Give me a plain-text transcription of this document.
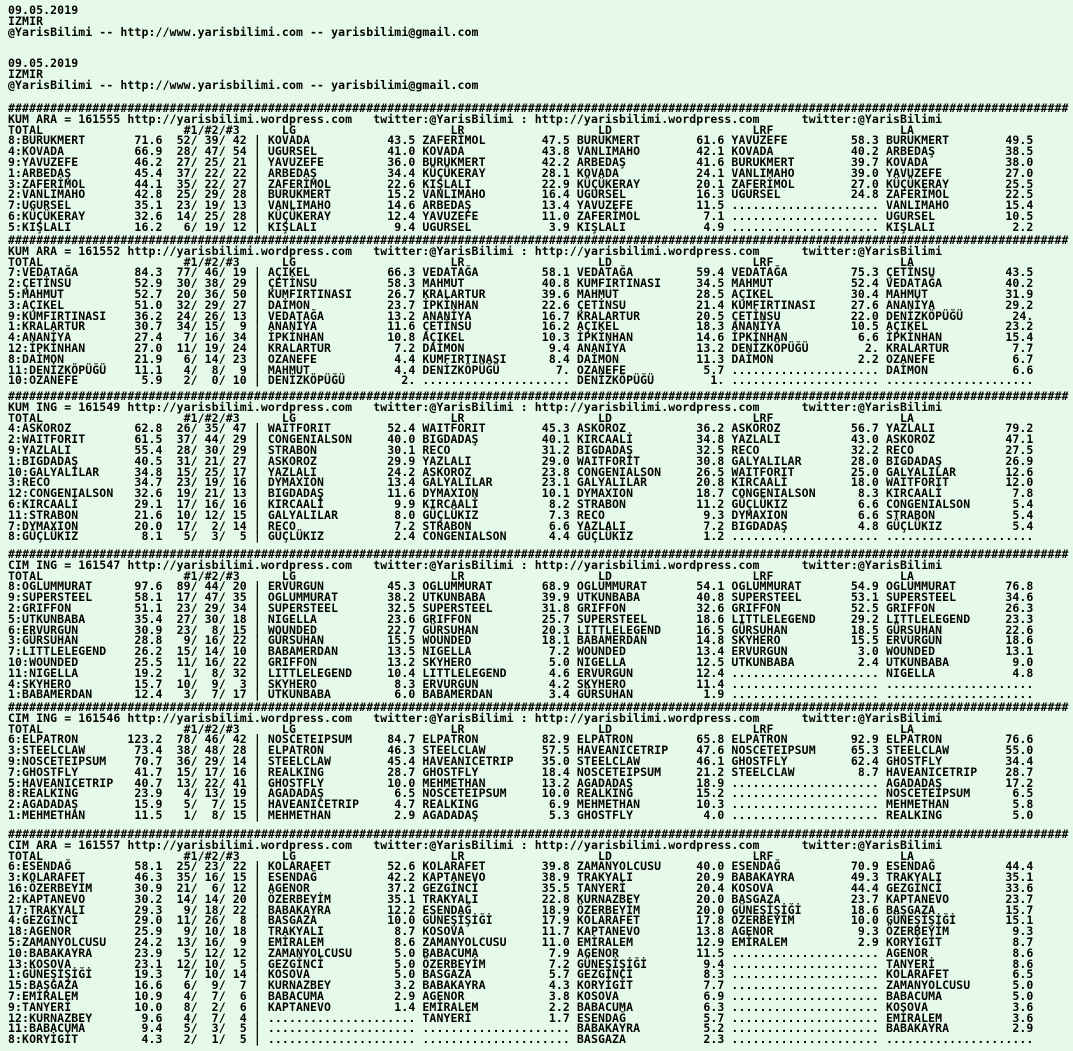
09.05.2019
IZMIR
@YarisBilimi -- http://www.yarisbilimi.com -- yarisbilimi@gmail.com
09.05.2019
IZMIR
@YarisBilimi -- http://www.yarisbilimi.com -- yarisbilimi@gmail.com
#######################################################################################################################################################
KUM ARA = 161555 http://yarisbilimi.wordpress.com   twitter:@YarisBilimi : http://yarisbilimi.wordpress.com      twitter:@YarisBilimi
TOTAL                    #1/#2/#3      LG                      LR                   LD                    LRF                  LA
8:BURUKMERT       71.6  52/ 39/ 42 | KOVADA           43.5 ZAFERİMOL        47.5 BURUKMERT        61.6 YAVUZEFE         58.3 BURUKMERT        49.5
4:KOVADA          66.9  28/ 47/ 54 | UGURSEL          41.0 KOVADA           43.8 VANLIMAHO        42.1 KOVADA           40.2 ARBEDAŞ          38.5
9:YAVUZEFE        46.2  27/ 25/ 21 | YAVUZEFE         36.0 BURUKMERT        42.2 ARBEDAŞ          41.6 BURUKMERT        39.7 KOVADA           38.0
1:ARBEDAŞ         45.4  37/ 22/ 22 | ARBEDAŞ          34.4 KÜÇÜKERAY        28.1 KOVADA           24.1 VANLIMAHO        39.0 YAVUZEFE         27.0
3:ZAFERİMOL       44.1  35/ 22/ 27 | ZAFERİMOL        22.6 KIŞLALI          22.9 KÜÇÜKERAY        20.1 ZAFERİMOL        27.0 KÜÇÜKERAY        25.5
2:VANLIMAHO       42.8  25/ 29/ 28 | BURUKMERT        15.2 VANLIMAHO        16.4 UGURSEL          16.3 UGURSEL          24.8 ZAFERİMOL        22.5
7:UGURSEL         35.1  23/ 19/ 13 | VANLIMAHO        14.6 ARBEDAŞ          13.4 YAVUZEFE         11.5 ..................... VANLIMAHO        15.4
6:KÜÇÜKERAY       32.6  14/ 25/ 28 | KÜÇÜKERAY        12.4 YAVUZEFE         11.0 ZAFERİMOL         7.1 ..................... UGURSEL          10.5
5:KIŞLALI         16.2   6/ 19/ 12 | KIŞLALI           9.4 UGURSEL           3.9 KIŞLALI           4.9 ..................... KIŞLALI           2.2
#######################################################################################################################################################
KUM ARA = 161552 http://yarisbilimi.wordpress.com   twitter:@YarisBilimi : http://yarisbilimi.wordpress.com      twitter:@YarisBilimi
TOTAL                    #1/#2/#3      LG                      LR                   LD                    LRF                  LA
7:VEDATAĞA        84.3  77/ 46/ 19 | AÇIKEL           66.3 VEDATAĞA         58.1 VEDATAĞA         59.4 VEDATAĞA         75.3 ÇETİNSU          43.5
2:ÇETİNSU         52.9  30/ 38/ 29 | ÇETİNSU          58.3 MAHMUT           40.8 KUMFIRTINASI     34.5 MAHMUT           52.4 VEDATAĞA         40.2
5:MAHMUT          52.7  20/ 36/ 50 | KUMFIRTINASI     26.7 KRALARTUR        39.6 MAHMUT           28.5 AÇIKEL           30.4 MAHMUT           31.9
3:AÇIKEL          51.0  32/ 29/ 27 | DAİMON           23.7 İPKİNHAN         22.6 ÇETİNSU          21.4 KUMFIRTINASI     27.6 ANANİYA          29.2
9:KUMFIRTINASI    36.2  24/ 26/ 13 | VEDATAĞA         13.2 ANANİYA          16.7 KRALARTUR        20.5 ÇETİNSU          22.0 DENİZKÖPÜĞÜ       24.
1:KRALARTUR       30.7  34/ 15/  9 | ANANİYA          11.6 ÇETİNSU          16.2 AÇIKEL           18.3 ANANİYA          10.5 AÇIKEL           23.2
4:ANANİYA         27.4   7/ 16/ 34 | İPKİNHAN         10.8 AÇIKEL           10.3 İPKİNHAN         14.6 İPKİNHAN          6.6 İPKİNHAN         15.4
12:İPKİNHAN       27.0  11/ 19/ 24 | KRALARTUR         7.2 DAİMON            9.4 ANANİYA          13.2 DENİZKÖPÜĞÜ        2. KRALARTUR         7.7
8:DAİMON          21.9   6/ 14/ 23 | OZANEFE           4.4 KUMFIRTINASI      8.4 DAİMON           11.3 DAİMON            2.2 OZANEFE           6.7
11:DENİZKÖPÜĞÜ    11.1   4/  8/  9 | MAHMUT            4.4 DENİZKÖPÜĞÜ        7. OZANEFE           5.7 ..................... DAİMON            6.6
10:OZANEFE         5.9   2/  0/ 10 | DENİZKÖPÜĞÜ        2. ..................... DENİZKÖPÜĞÜ        1. ..................... .....................
#######################################################################################################################################################
KUM ING = 161549 http://yarisbilimi.wordpress.com   twitter:@YarisBilimi : http://yarisbilimi.wordpress.com      twitter:@YarisBilimi
TOTAL                    #1/#2/#3      LG                      LR                   LD                    LRF                  LA
4:ASKOROZ         62.8  26/ 35/ 47 | WAITFORIT        52.4 WAITFORIT        45.3 ASKOROZ          36.2 ASKOROZ          56.7 YAZLALI          79.2
2:WAITFORIT       61.5  37/ 44/ 29 | CONGENIALSON     40.0 BIGDADAŞ         40.1 KIRCAALİ         34.8 YAZLALI          43.0 ASKOROZ          47.1
9:YAZLALI         55.4  28/ 30/ 29 | STRABON          30.1 RECO             31.2 BIGDADAŞ         32.5 RECO             32.2 RECO             27.5
1:BIGDADAŞ        40.5  31/ 21/ 27 | ASKOROZ          29.9 YAZLALI          29.0 WAITFORIT        30.8 GALYALILAR       28.0 BIGDADAŞ         26.9
10:GALYALILAR     34.8  15/ 25/ 17 | YAZLALI          24.2 ASKOROZ          23.8 CONGENIALSON     26.5 WAITFORIT        25.0 GALYALILAR       12.6
3:RECO            34.7  23/ 19/ 16 | DYMAXION         13.4 GALYALILAR       23.1 GALYALILAR       20.8 KIRCAALİ         18.0 WAITFORIT        12.0
12:CONGENIALSON   32.6  19/ 21/ 13 | BIGDADAŞ         11.6 DYMAXION         10.1 DYMAXION         18.7 CONGENIALSON      8.3 KIRCAALİ          7.8
6:KIRCAALİ        29.1  17/ 16/ 16 | KIRCAALİ          9.9 KIRCAALİ          8.2 STRABON          11.2 GÜÇLÜKIZ          6.6 CONGENIALSON      5.4
11:STRABON        21.6  10/ 12/ 15 | GALYALILAR        8.0 GÜÇLÜKIZ          7.3 RECO              9.3 DYMAXION          6.6 STRABON           5.4
7:DYMAXION        20.0  17/  2/ 14 | RECO              7.2 STRABON           6.6 YAZLALI           7.2 BIGDADAŞ          4.8 GÜÇLÜKIZ          5.4
8:GÜÇLÜKIZ         8.1   5/  3/  5 | GÜÇLÜKIZ          2.4 CONGENIALSON      4.4 GÜÇLÜKIZ          1.2 ..................... .....................
#######################################################################################################################################################
CIM ING = 161547 http://yarisbilimi.wordpress.com   twitter:@YarisBilimi : http://yarisbilimi.wordpress.com      twitter:@YarisBilimi
TOTAL                    #1/#2/#3      LG                      LR                   LD                    LRF                  LA
8:OGLUMMURAT      97.6  89/ 44/ 20 | ERVURGUN         45.3 OGLUMMURAT       68.9 OGLUMMURAT       54.1 OGLUMMURAT       54.9 OGLUMMURAT       76.8
9:SUPERSTEEL      58.1  17/ 47/ 35 | OGLUMMURAT       38.2 UTKUNBABA        39.9 UTKUNBABA        40.8 SUPERSTEEL       53.1 SUPERSTEEL       34.6
2:GRIFFON         51.1  23/ 29/ 34 | SUPERSTEEL       32.5 SUPERSTEEL       31.8 GRIFFON          32.6 GRIFFON          52.5 GRIFFON          26.3
5:UTKUNBABA       35.4  27/ 30/ 18 | NIGELLA          23.6 GRIFFON          25.7 SUPERSTEEL       18.6 LITTLELEGEND     29.2 LITTLELEGEND     23.3
6:ERVURGUN        30.9  23/  8/ 15 | WOUNDED          22.7 GÜRSUHAN         20.3 LITTLELEGEND     16.5 GÜRSUHAN         18.5 GÜRSUHAN         22.6
3:GÜRSUHAN        28.8   9/ 16/ 22 | GÜRSUHAN         15.5 WOUNDED          18.1 BABAMERDAN       14.8 SKYHERO          15.5 ERVURGUN         18.6
7:LITTLELEGEND    26.2  15/ 14/ 10 | BABAMERDAN       13.5 NIGELLA           7.2 WOUNDED          13.4 ERVURGUN          3.0 WOUNDED          13.1
10:WOUNDED        25.5  11/ 16/ 22 | GRIFFON          13.2 SKYHERO           5.0 NIGELLA          12.5 UTKUNBABA         2.4 UTKUNBABA         9.0
11:NIGELLA        19.2   1/  8/ 32 | LITTLELEGEND     10.4 LITTLELEGEND      4.6 ERVURGUN         12.4 ..................... NIGELLA           4.8
4:SKYHERO         15.7  10/  9/  3 | SKYHERO           8.3 ERVURGUN          4.2 SKYHERO          11.4 ..................... .....................
1:BABAMERDAN      12.4   3/  7/ 17 | UTKUNBABA         6.0 BABAMERDAN        3.4 GÜRSUHAN          1.9 ..................... .....................
#######################################################################################################################################################
CIM ING = 161546 http://yarisbilimi.wordpress.com   twitter:@YarisBilimi : http://yarisbilimi.wordpress.com      twitter:@YarisBilimi
TOTAL                    #1/#2/#3      LG                      LR                   LD                    LRF                  LA
6:ELPATRON       123.2  78/ 46/ 42 | NOSCETEIPSUM     84.7 ELPATRON         82.9 ELPATRON         65.8 ELPATRON         92.9 ELPATRON         76.6
3:STEELCLAW       73.4  38/ 48/ 28 | ELPATRON         46.3 STEELCLAW        57.5 HAVEANICETRIP    47.6 NOSCETEIPSUM     65.3 STEELCLAW        55.0
9:NOSCETEIPSUM    70.7  36/ 29/ 14 | STEELCLAW        45.4 HAVEANICETRIP    35.0 STEELCLAW        46.1 GHOSTFLY         62.4 GHOSTFLY         34.4
7:GHOSTFLY        41.7  15/ 17/ 16 | REALKING         28.7 GHOSTFLY         18.4 NOSCETEIPSUM     21.2 STEELCLAW         8.7 HAVEANICETRIP    28.7
5:HAVEANICETRIP   40.7  13/ 22/ 41 | GHOSTFLY         10.0 MEHMETHAN        13.2 AGADADAŞ         18.9 ..................... AGADADAŞ         17.2
8:REALKING        23.9   4/ 13/ 19 | AGADADAŞ          6.5 NOSCETEIPSUM     10.0 REALKING         15.2 ..................... NOSCETEIPSUM      6.5
2:AGADADAŞ        15.9   5/  7/ 15 | HAVEANICETRIP     4.7 REALKING          6.9 MEHMETHAN        10.3 ..................... MEHMETHAN         5.8
1:MEHMETHAN       11.5   1/  8/ 15 | MEHMETHAN         2.9 AGADADAŞ          5.3 GHOSTFLY          4.0 ..................... REALKING          5.0
#######################################################################################################################################################
CIM ARA = 161557 http://yarisbilimi.wordpress.com   twitter:@YarisBilimi : http://yarisbilimi.wordpress.com      twitter:@YarisBilimi
TOTAL                    #1/#2/#3      LG                      LR                   LD                    LRF                  LA
6:ESENDAĞ         58.1  25/ 23/ 22 | KOLARAFET        52.6 KOLARAFET        39.8 ZAMANYOLCUSU     40.0 ESENDAĞ          70.9 ESENDAĞ          44.4
3:KOLARAFET       46.3  35/ 16/ 15 | ESENDAĞ          42.2 KAPTANEVO        38.9 TRAKYALI         20.9 BABAKAYRA        49.3 TRAKYALI         35.1
16:ÖZERBEYİM      30.9  21/  6/ 12 | AGENOR           37.2 GEZGİNCİ         35.5 TANYERİ          20.4 KOSOVA           44.4 GEZGİNCİ         33.6
2:KAPTANEVO       30.2  14/ 14/ 20 | ÖZERBEYİM        35.1 TRAKYALI         22.8 KURNAZBEY        20.0 BASGAZA          23.7 KAPTANEVO        23.7
17:TRAKYALI       29.3   9/ 18/ 22 | BABAKAYRA        12.2 ESENDAĞ          18.9 ÖZERBEYİM        20.0 GÜNEŞİŞİĞİ       18.6 BAŞGAZA          15.7
4:GEZGİNCİ        29.0  11/ 26/  8 | BASGAZA          10.0 GÜNEŞİŞİĞİ       17.9 KOLARAFET        17.8 ÖZERBEYİM        10.0 GÜNEŞİŞİĞİ       15.1
18:AGENOR         25.9   9/ 10/ 18 | TRAKYALI          8.7 KOSOVA           11.7 KAPTANEVO        13.8 AGENOR            9.3 ÖZERBEYİM         9.3
5:ZAMANYOLCUSU    24.2  13/ 16/  9 | EMİRALEM          8.6 ZAMANYOLCUSU     11.0 EMİRALEM         12.9 EMİRALEM          2.9 KORYİGİT          8.7
10:BABAKAYRA      23.9   5/ 12/ 12 | ZAMANYOLCUSU      5.0 BABACUMA          7.9 AGENOR           11.5 ..................... AGENOR            8.6
13:KOSOVA         23.1  12/ 10/  5 | GEZGİNCİ          5.0 ÖZERBEYİM         7.2 GÜNEŞİŞİĞİ        9.4 ..................... TANYERİ           8.6
1:GÜNEŞİŞİĞİ      19.3   7/ 10/ 14 | KOSOVA            5.0 BASGAZA           5.7 GEZGİNCİ          8.3 ..................... KOLARAFET         6.5
15:BAŞGAZA        16.6   6/  9/  7 | KURNAZBEY         3.2 BABAKAYRA         4.3 KORYİGİT          7.7 ..................... ZAMANYOLCUSU      5.0
7:EMİRALEM        10.9   4/  7/  6 | BABACUMA          2.9 AGENOR            3.8 KOSOVA            6.9 ..................... BABACUMA          5.0
9:TANYERİ         10.0   8/  2/  6 | KAPTANEVO         1.4 EMİRALEM          2.2 BABACUMA          6.3 ..................... KOSOVA            3.6
12:KURNAZBEY       9.6   4/  7/  4 | ..................... TANYERİ           1.7 ESENDAĞ           5.7 ..................... EMİRALEM          3.6
11:BABACUMA        9.4   5/  3/  5 | ..................... ..................... BABAKAYRA         5.2 ..................... BABAKAYRA         2.9
8:KORYİGİT         4.3   2/  1/  5 | ..................... ..................... BASGAZA           2.3 ..................... .....................
